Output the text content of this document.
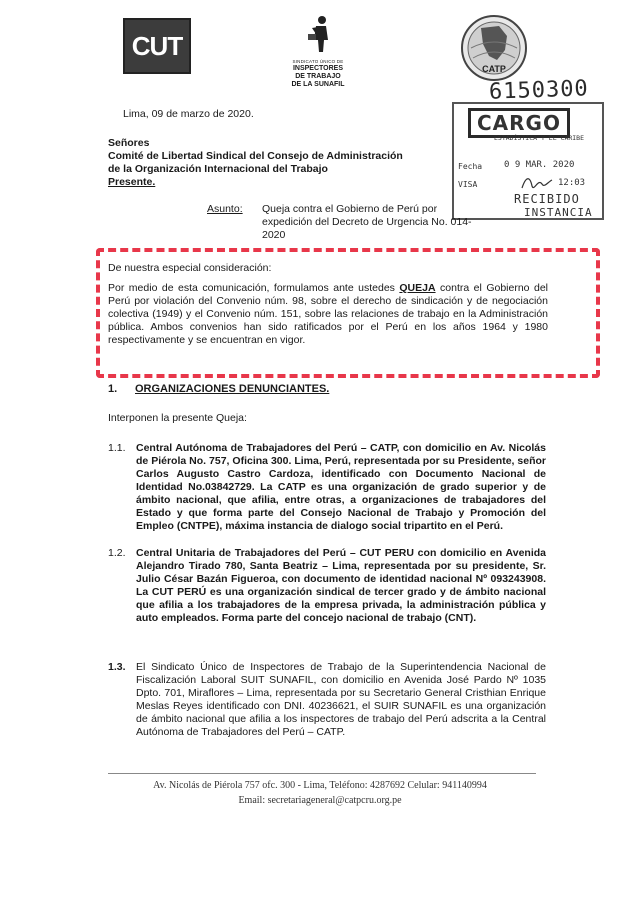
CUT
SINDICATO ÚNICO DE
INSPECTORES
DE TRABAJO
DE LA SUNAFIL
CATP
6150300
CARGO
ESTADÍSTICA Y EL CARIBE
Fecha 0 9 MAR. 2020
VISA	12:03
RECIBIDO
INSTANCIA
Lima, 09 de marzo de 2020.
Señores
Comité de Libertad Sindical del Consejo de Administración
de la Organización Internacional del Trabajo
Presente.
Asunto: Queja contra el Gobierno de Perú por expedición del Decreto de Urgencia No. 014-2020
De nuestra especial consideración:
Por medio de esta comunicación, formulamos ante ustedes QUEJA contra el Gobierno del Perú por violación del Convenio núm. 98, sobre el derecho de sindicación y de negociación colectiva (1949) y el Convenio núm. 151, sobre las relaciones de trabajo en la Administración pública. Ambos convenios han sido ratificados por el Perú en los años 1964 y 1980 respectivamente y se encuentran en vigor.
1. ORGANIZACIONES DENUNCIANTES.
Interponen la presente Queja:
1.1. Central Autónoma de Trabajadores del Perú – CATP, con domicilio en Av. Nicolás de Piérola No. 757, Oficina 300. Lima, Perú, representada por su Presidente, señor Carlos Augusto Castro Cardoza, identificado con Documento Nacional de Identidad No.03842729. La CATP es una organización de grado superior y de ámbito nacional, que afilia, entre otras, a organizaciones de trabajadores del Estado y que forma parte del Consejo Nacional de Trabajo y Promoción del Empleo (CNTPE), máxima instancia de dialogo social tripartito en el Perú.
1.2. Central Unitaria de Trabajadores del Perú – CUT PERU con domicilio en Avenida Alejandro Tirado 780, Santa Beatriz – Lima, representada por su presidente, Sr. Julio César Bazán Figueroa, con documento de identidad nacional Nº 093243908. La CUT PERÚ es una organización sindical de tercer grado y de ámbito nacional que afilia a los trabajadores de la empresa privada, la administración pública y auto empleados. Forma parte del concejo nacional de trabajo (CNT).
1.3. El Sindicato Único de Inspectores de Trabajo de la Superintendencia Nacional de Fiscalización Laboral SUIT SUNAFIL, con domicilio en Avenida José Pardo Nº 1035 Dpto. 701, Miraflores – Lima, representada por su Secretario General Cristhian Enrique Meslas Reyes identificado con DNI. 40236621, el SUIR SUNAFIL es una organización de ámbito nacional que afilia a los inspectores de trabajo del Perú adscrita a la Central Autónoma de Trabajadores del Perú – CATP.
Av. Nicolás de Piérola 757 ofc. 300 - Lima, Teléfono: 4287692 Celular: 941140994
Email: secretariageneral@catpcru.org.pe
